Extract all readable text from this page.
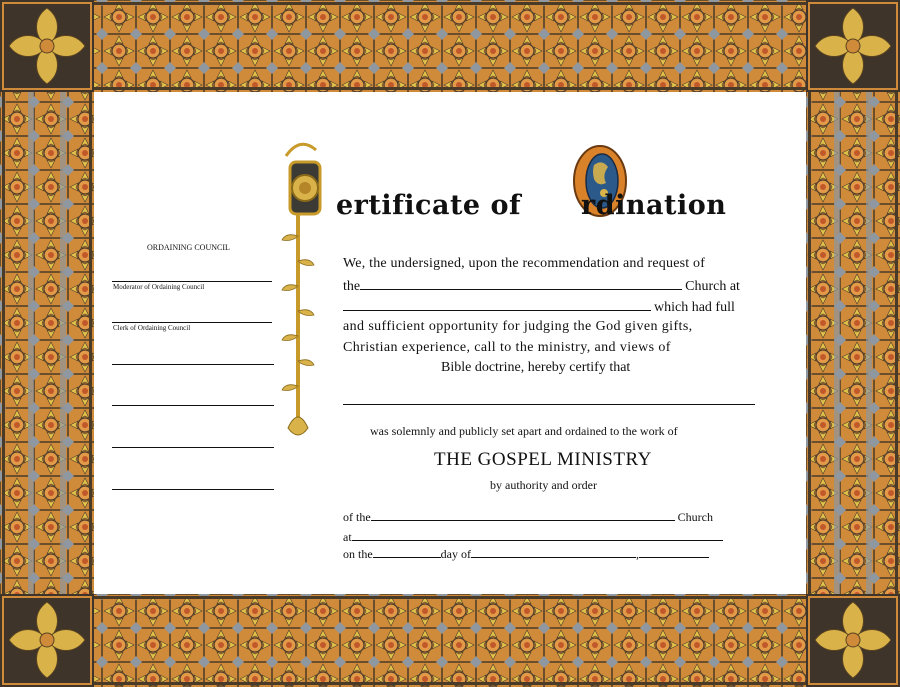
ertificate of rdination
ORDAINING COUNCIL
Moderator of Ordaining Council
Clerk of Ordaining Council
We, the undersigned, upon the recommendation and request of
the	Church at
which had full
and sufficient opportunity for judging the God given gifts,
Christian experience, call to the ministry, and views of
Bible doctrine, hereby certify that
was solemnly and publicly set apart and ordained to the work of
THE GOSPEL MINISTRY
by authority and order
of the	Church
at
on the	day of	,
